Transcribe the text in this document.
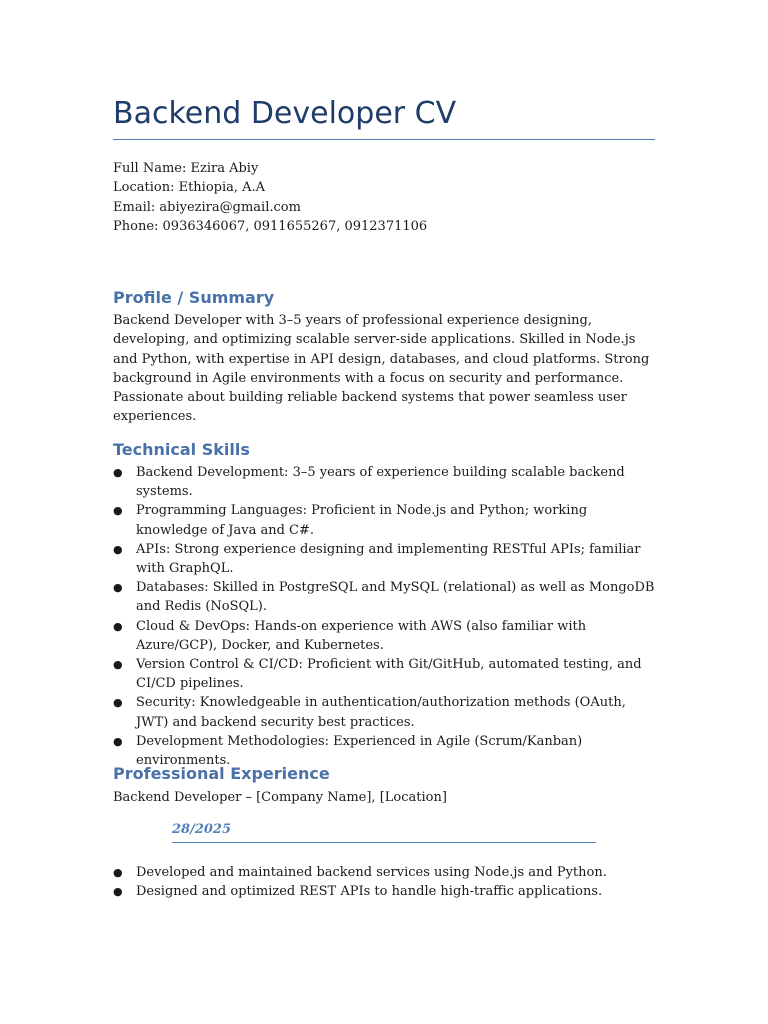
Backend Developer CV
Full Name: Ezira Abiy
Location: Ethiopia, A.A
Email: abiyezira@gmail.com
Phone: 0936346067, 0911655267, 0912371106
Profile / Summary

Backend Developer with 3–5 years of professional experience designing, developing, and optimizing scalable server-side applications. Skilled in Node.js and Python, with expertise in API design, databases, and cloud platforms. Strong background in Agile environments with a focus on security and performance. Passionate about building reliable backend systems that power seamless user experiences.

Technical Skills
● Backend Development: 3–5 years of experience building scalable backend systems.
● Programming Languages: Proficient in Node.js and Python; working knowledge of Java and C#.
● APIs: Strong experience designing and implementing RESTful APIs; familiar with GraphQL.
● Databases: Skilled in PostgreSQL and MySQL (relational) as well as MongoDB and Redis (NoSQL).
● Cloud & DevOps: Hands-on experience with AWS (also familiar with Azure/GCP), Docker, and Kubernetes.
● Version Control & CI/CD: Proficient with Git/GitHub, automated testing, and CI/CD pipelines.
● Security: Knowledgeable in authentication/authorization methods (OAuth, JWT) and backend security best practices.
● Development Methodologies: Experienced in Agile (Scrum/Kanban) environments.
Professional Experience
Backend Developer – [Company Name], [Location]
28/2025
● Developed and maintained backend services using Node.js and Python.
● Designed and optimized REST APIs to handle high-traffic applications.
